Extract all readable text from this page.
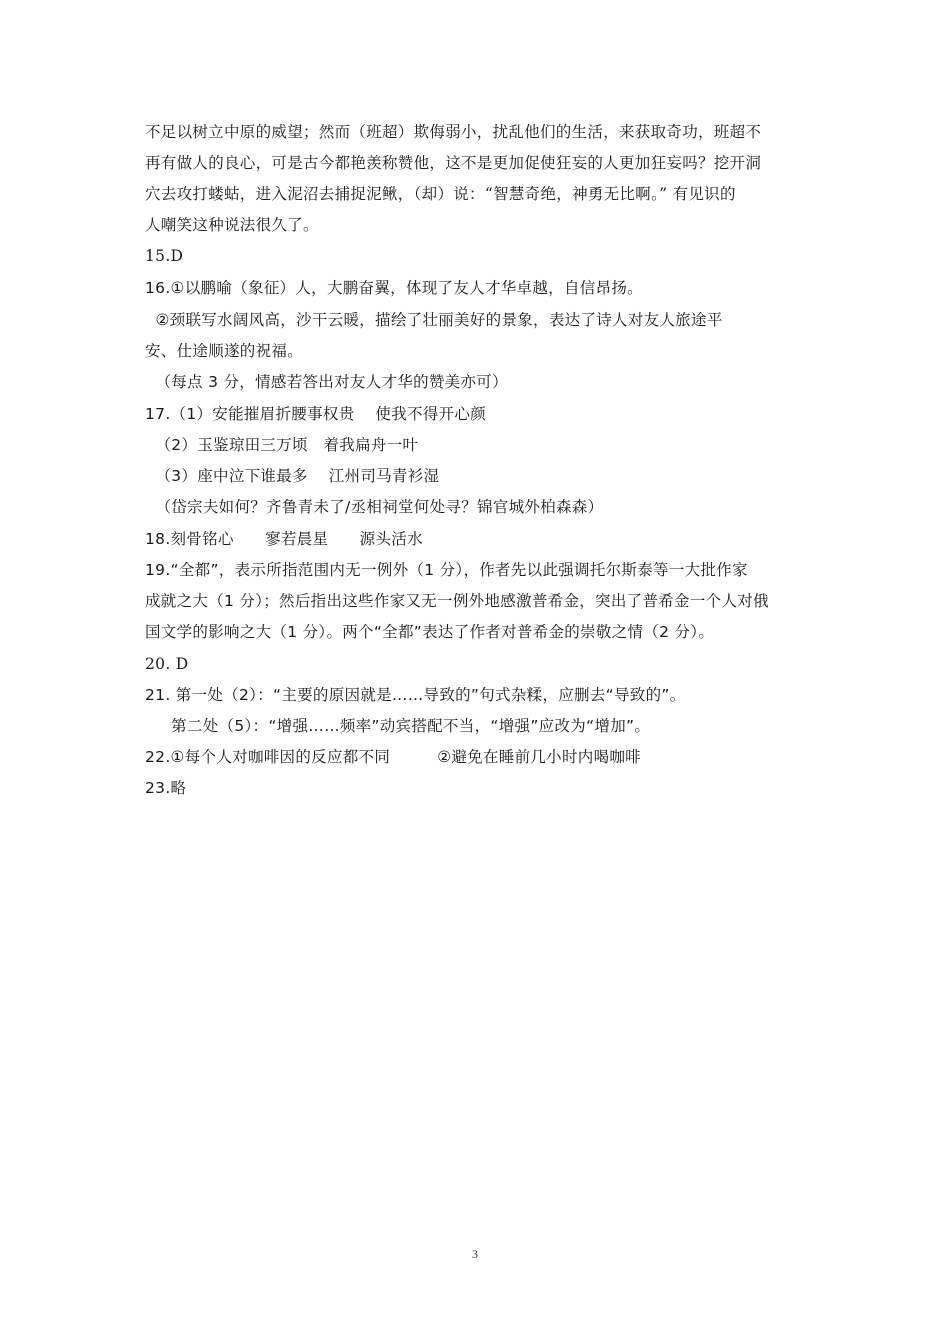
不足以树立中原的威望；然而（班超）欺侮弱小，扰乱他们的生活，来获取奇功，班超不
再有做人的良心，可是古今都艳羡称赞他，这不是更加促使狂妄的人更加狂妄吗？挖开洞
穴去攻打蝼蛄，进入泥沼去捕捉泥鳅，（却）说：“智慧奇绝，神勇无比啊。” 有见识的
人嘲笑这种说法很久了。
15.D
16.①以鹏喻（象征）人，大鹏奋翼，体现了友人才华卓越，自信昂扬。
②颈联写水阔风高，沙干云暖，描绘了壮丽美好的景象，表达了诗人对友人旅途平
安、仕途顺遂的祝福。
（每点 3 分，情感若答出对友人才华的赞美亦可）
17.（1）安能摧眉折腰事权贵    使我不得开心颜
（2）玉鉴琼田三万顷   着我扁舟一叶
（3）座中泣下谁最多    江州司马青衫湿
（岱宗夫如何？齐鲁青未了/丞相祠堂何处寻？锦官城外柏森森）
18.刻骨铭心      寥若晨星      源头活水
19.“全都”，表示所指范围内无一例外（1 分），作者先以此强调托尔斯泰等一大批作家
成就之大（1 分）；然后指出这些作家又无一例外地感激普希金，突出了普希金一个人对俄
国文学的影响之大（1 分）。两个“全都”表达了作者对普希金的崇敬之情（2 分）。
20. D
21. 第一处（2）：“主要的原因就是……导致的”句式杂糅，应删去“导致的”。
第二处（5）：“增强……频率”动宾搭配不当，“增强”应改为“增加”。
22.①每个人对咖啡因的反应都不同         ②避免在睡前几小时内喝咖啡
23.略
3
